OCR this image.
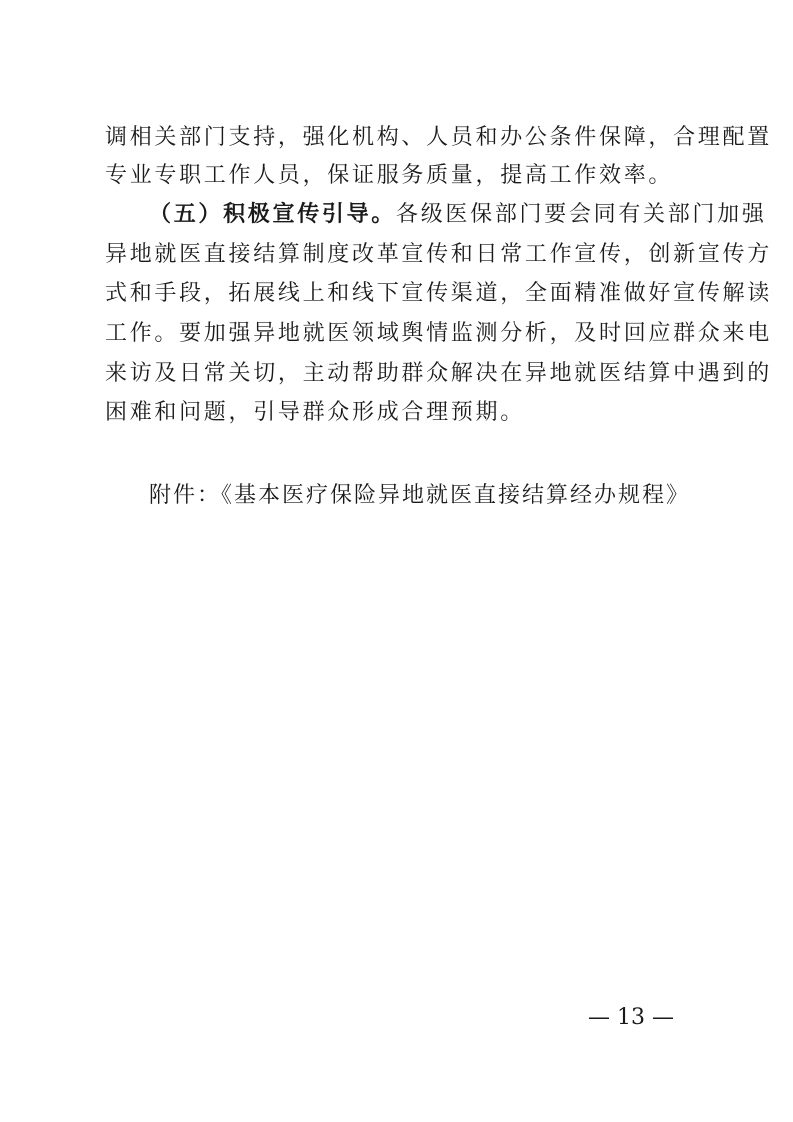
调相关部门支持，强化机构、人员和办公条件保障，合理配置
专业专职工作人员，保证服务质量，提高工作效率。
（五）积极宣传引导。各级医保部门要会同有关部门加强
异地就医直接结算制度改革宣传和日常工作宣传，创新宣传方
式和手段，拓展线上和线下宣传渠道，全面精准做好宣传解读
工作。要加强异地就医领域舆情监测分析，及时回应群众来电
来访及日常关切，主动帮助群众解决在异地就医结算中遇到的
困难和问题，引导群众形成合理预期。
附件：《基本医疗保险异地就医直接结算经办规程》
— 13 —
